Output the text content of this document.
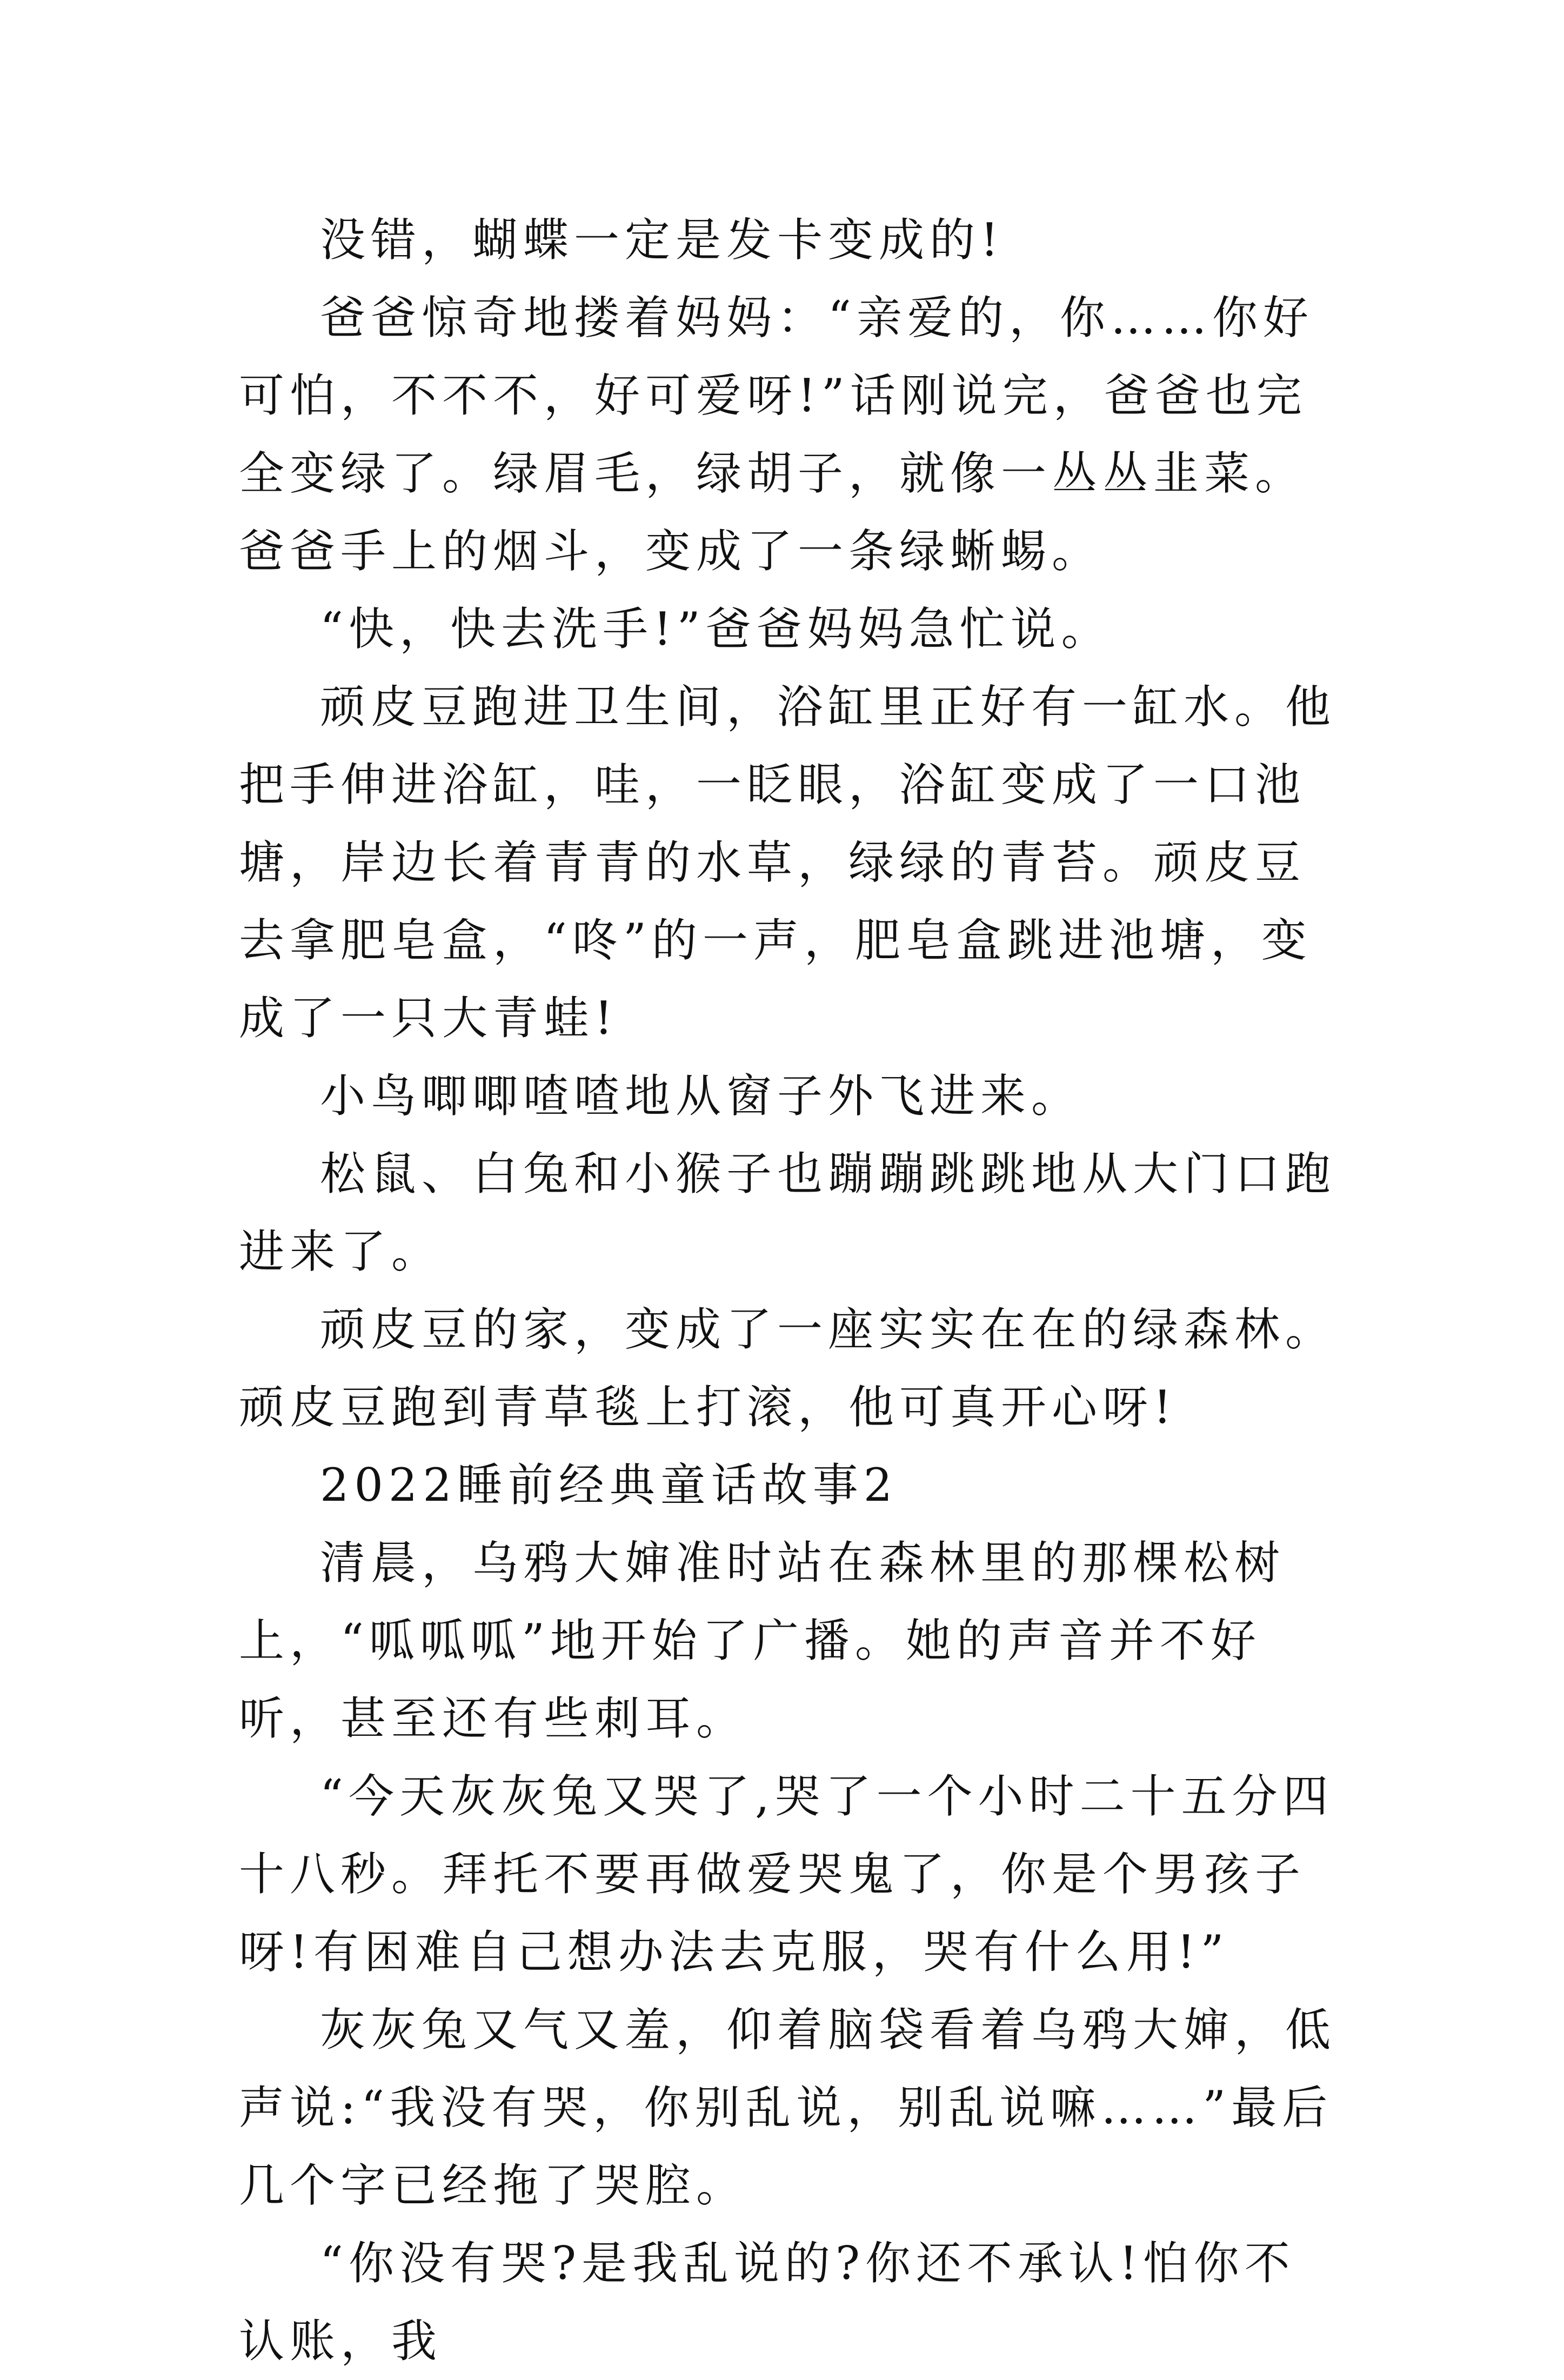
没错，蝴蝶一定是发卡变成的!

爸爸惊奇地搂着妈妈：“亲爱的，你……你好可怕，不不不，好可爱呀!”话刚说完，爸爸也完全变绿了。绿眉毛，绿胡子，就像一丛丛韭菜。爸爸手上的烟斗，变成了一条绿蜥蜴。

“快，快去洗手!”爸爸妈妈急忙说。

顽皮豆跑进卫生间，浴缸里正好有一缸水。他把手伸进浴缸，哇，一眨眼，浴缸变成了一口池塘，岸边长着青青的水草，绿绿的青苔。顽皮豆去拿肥皂盒，“咚”的一声，肥皂盒跳进池塘，变成了一只大青蛙!

小鸟唧唧喳喳地从窗子外飞进来。

松鼠、白兔和小猴子也蹦蹦跳跳地从大门口跑进来了。

顽皮豆的家，变成了一座实实在在的绿森林。顽皮豆跑到青草毯上打滚，他可真开心呀!

2022睡前经典童话故事2

清晨，乌鸦大婶准时站在森林里的那棵松树上，“呱呱呱”地开始了广播。她的声音并不好听，甚至还有些刺耳。

“今天灰灰兔又哭了,哭了一个小时二十五分四十八秒。拜托不要再做爱哭鬼了，你是个男孩子呀!有困难自己想办法去克服，哭有什么用!”

灰灰兔又气又羞，仰着脑袋看着乌鸦大婶，低声说:“我没有哭，你别乱说，别乱说嘛……”最后几个字已经拖了哭腔。

“你没有哭?是我乱说的?你还不承认!怕你不认账，我
